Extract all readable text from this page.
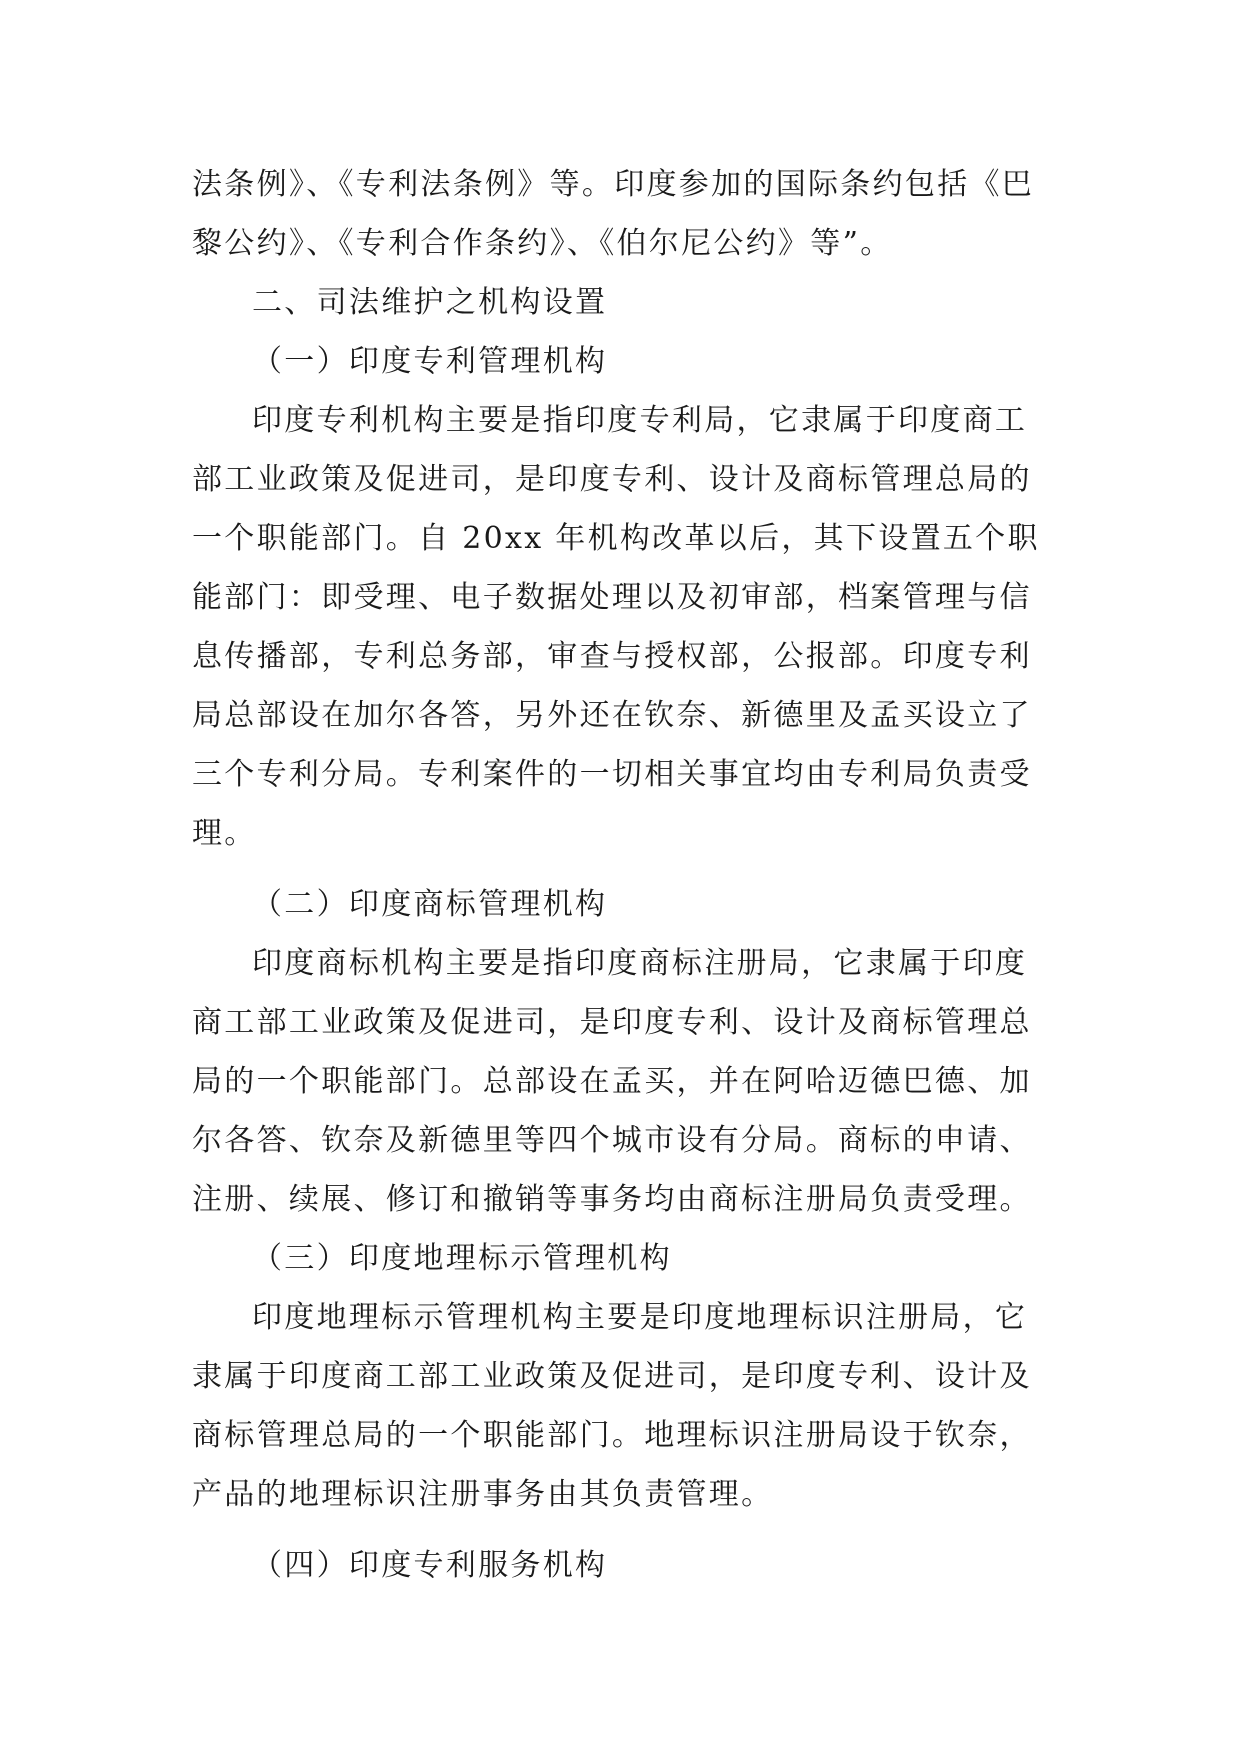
法条例》、《专利法条例》等。印度参加的国际条约包括《巴
黎公约》、《专利合作条约》、《伯尔尼公约》等”。
二、司法维护之机构设置
（一）印度专利管理机构
印度专利机构主要是指印度专利局，它隶属于印度商工
部工业政策及促进司，是印度专利、设计及商标管理总局的
一个职能部门。自 20xx 年机构改革以后，其下设置五个职
能部门：即受理、电子数据处理以及初审部，档案管理与信
息传播部，专利总务部，审查与授权部，公报部。印度专利
局总部设在加尔各答，另外还在钦奈、新德里及孟买设立了
三个专利分局。专利案件的一切相关事宜均由专利局负责受
理。
（二）印度商标管理机构
印度商标机构主要是指印度商标注册局，它隶属于印度
商工部工业政策及促进司，是印度专利、设计及商标管理总
局的一个职能部门。总部设在孟买，并在阿哈迈德巴德、加
尔各答、钦奈及新德里等四个城市设有分局。商标的申请、
注册、续展、修订和撤销等事务均由商标注册局负责受理。
（三）印度地理标示管理机构
印度地理标示管理机构主要是印度地理标识注册局，它
隶属于印度商工部工业政策及促进司，是印度专利、设计及
商标管理总局的一个职能部门。地理标识注册局设于钦奈，
产品的地理标识注册事务由其负责管理。
（四）印度专利服务机构
